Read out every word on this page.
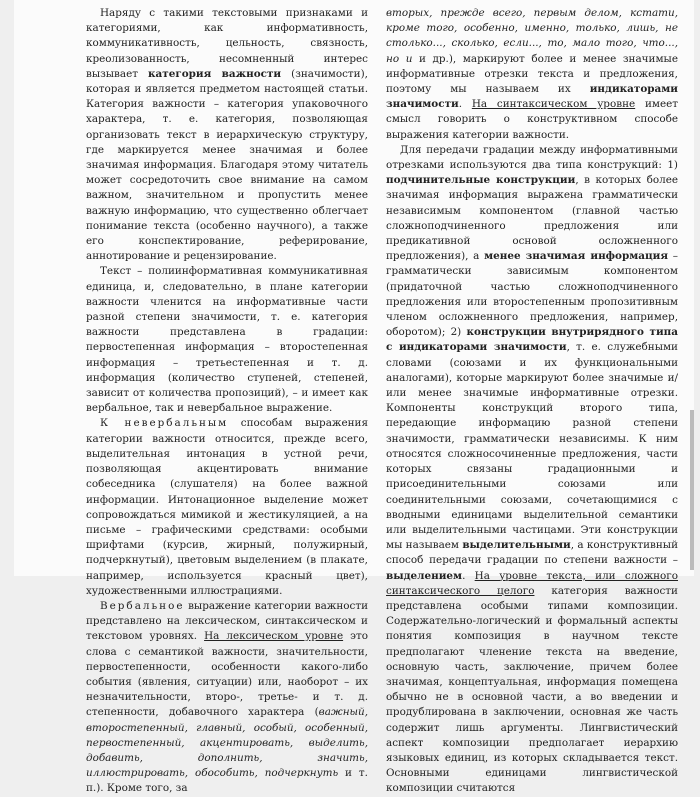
Наряду с такими текстовыми признаками и категориями, как информативность, коммуникативность, цельность, связность, креолизованность, несомненный интерес вызывает категория важности (значимости), которая и является предметом настоящей статьи. Категория важности – категория упаковочного характера, т. е. категория, позволяющая организовать текст в иерархическую структуру, где маркируется менее значимая и более значимая информация. Благодаря этому читатель может сосредоточить свое внимание на самом важном, значительном и пропустить менее важную информацию, что существенно облегчает понимание текста (особенно научного), а также его конспектирование, реферирование, аннотирование и рецензирование.

Текст – полиинформативная коммуникативная единица, и, следовательно, в плане категории важности членится на информативные части разной степени значимости, т. е. категория важности представлена в градации: первостепенная информация – второстепенная информация – третьестепенная и т. д. информация (количество ступеней, степеней, зависит от количества пропозиций), – и имеет как вербальное, так и невербальное выражение.

К невербальным способам выражения категории важности относится, прежде всего, выделительная интонация в устной речи, позволяющая акцентировать внимание собеседника (слушателя) на более важной информации. Интонационное выделение может сопровождаться мимикой и жестикуляцией, а на письме – графическими средствами: особыми шрифтами (курсив, жирный, полужирный, подчеркнутый), цветовым выделением (в плакате, например, используется красный цвет), художественными иллюстрациями.

Вербальное выражение категории важности представлено на лексическом, синтаксическом и текстовом уровнях. На лексическом уровне это слова с семантикой важности, значительности, первостепенности, особенности какого-либо события (явления, ситуации) или, наоборот – их незначительности, второ-, третье- и т. д. степенности, добавочного характера (важный, второстепенный, главный, особый, особенный, первостепенный, акцентировать, выделить, добавить, дополнить, значить, иллюстрировать, обособить, подчеркнуть и т. п.). Кроме того, за

вторых, прежде всего, первым делом, кстати, кроме того, особенно, именно, только, лишь, не столько..., сколько, если..., то, мало того, что..., но и и др.), маркируют более и менее значимые информативные отрезки текста и предложения, поэтому мы называем их индикаторами значимости. На синтаксическом уровне имеет смысл говорить о конструктивном способе выражения категории важности.

Для передачи градации между информативными отрезками используются два типа конструкций: 1) подчинительные конструкции, в которых более значимая информация выражена грамматически независимым компонентом (главной частью сложноподчиненного предложения или предикативной основой осложненного предложения), а менее значимая информация – грамматически зависимым компонентом (придаточной частью сложноподчиненного предложения или второстепенным пропозитивным членом осложненного предложения, например, оборотом); 2) конструкции внутрирядного типа с индикаторами значимости, т. е. служебными словами (союзами и их функциональными аналогами), которые маркируют более значимые и/или менее значимые информативные отрезки. Компоненты конструкций второго типа, передающие информацию разной степени значимости, грамматически независимы. К ним относятся сложносочиненные предложения, части которых связаны градационными и присоединительными союзами или соединительными союзами, сочетающимися с вводными единицами выделительной семантики или выделительными частицами. Эти конструкции мы называем выделительными, а конструктивный способ передачи градации по степени важности – выделением. На уровне текста, или сложного синтаксического целого категория важности представлена особыми типами композиции. Содержательно-логический и формальный аспекты понятия композиция в научном тексте предполагают членение текста на введение, основную часть, заключение, причем более значимая, концептуальная, информация помещена обычно не в основной части, а во введении и продублирована в заключении, основная же часть содержит лишь аргументы. Лингвистический аспект композиции предполагает иерархию языковых единиц, из которых складывается текст. Основными единицами лингвистической композиции считаются
